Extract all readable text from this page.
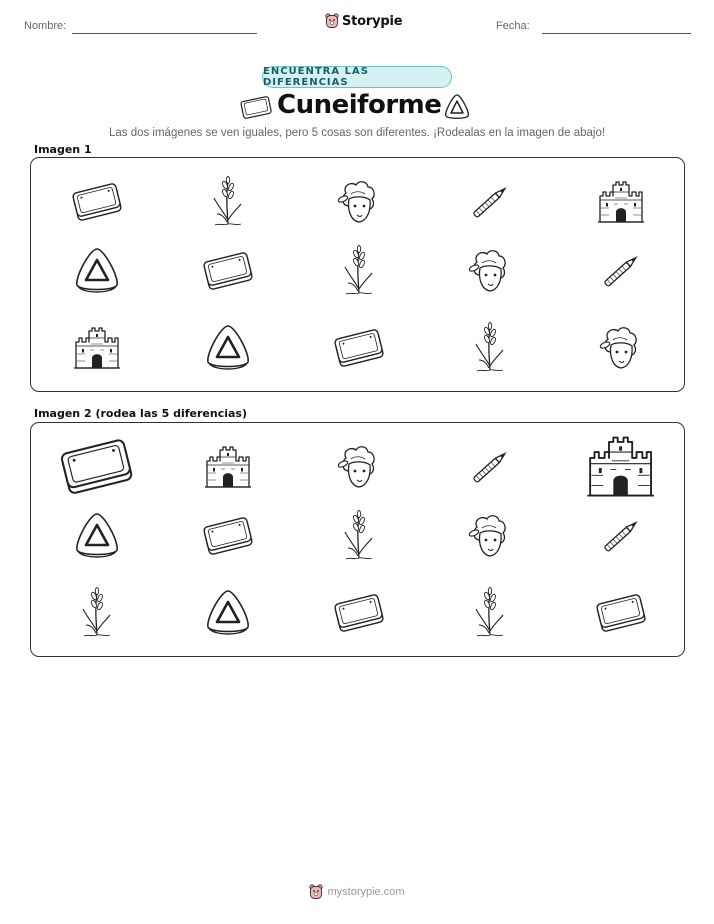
Nombre:	Storypie	Fecha:
ENCUENTRA LAS DIFERENCIAS
Cuneiforme
Las dos imágenes se ven iguales, pero 5 cosas son diferentes. ¡Rodealas en la imagen de abajo!
Imagen 1
Imagen 2 (rodea las 5 diferencias)
mystorypie.com
